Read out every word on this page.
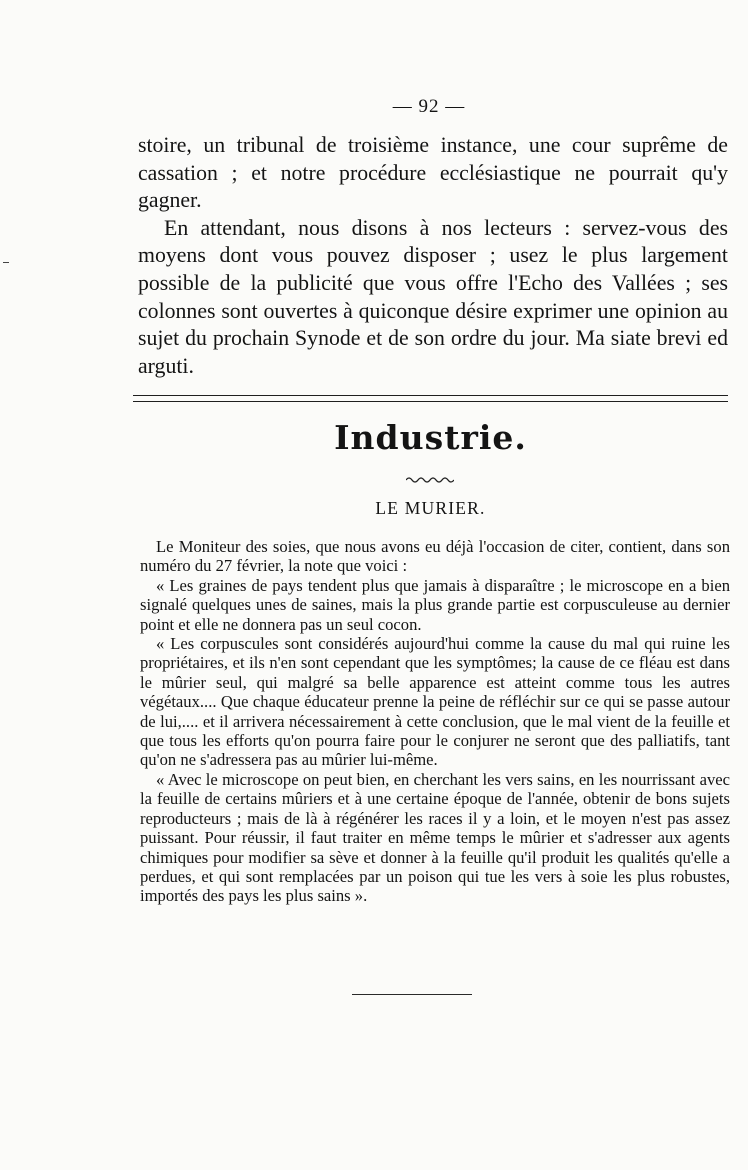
— 92 —

stoire, un tribunal de troisième instance, une cour suprême de cassation ; et notre procédure ecclésiastique ne pourrait qu'y gagner.

En attendant, nous disons à nos lecteurs : servez-vous des moyens dont vous pouvez disposer ; usez le plus largement possible de la publicité que vous offre l'Echo des Vallées ; ses colonnes sont ouvertes à quiconque désire exprimer une opinion au sujet du prochain Synode et de son ordre du jour. Ma siate brevi ed arguti.

Industrie.
LE MURIER.

Le Moniteur des soies, que nous avons eu déjà l'occasion de citer, contient, dans son numéro du 27 février, la note que voici :

« Les graines de pays tendent plus que jamais à disparaître ; le microscope en a bien signalé quelques unes de saines, mais la plus grande partie est corpusculeuse au dernier point et elle ne donnera pas un seul cocon.

« Les corpuscules sont considérés aujourd'hui comme la cause du mal qui ruine les propriétaires, et ils n'en sont cependant que les symptômes; la cause de ce fléau est dans le mûrier seul, qui malgré sa belle apparence est atteint comme tous les autres végétaux.... Que chaque éducateur prenne la peine de réfléchir sur ce qui se passe autour de lui,.... et il arrivera nécessairement à cette conclusion, que le mal vient de la feuille et que tous les efforts qu'on pourra faire pour le conjurer ne seront que des palliatifs, tant qu'on ne s'adressera pas au mûrier lui-même.

« Avec le microscope on peut bien, en cherchant les vers sains, en les nourrissant avec la feuille de certains mûriers et à une certaine époque de l'année, obtenir de bons sujets reproducteurs ; mais de là à régénérer les races il y a loin, et le moyen n'est pas assez puissant. Pour réussir, il faut traiter en même temps le mûrier et s'adresser aux agents chimiques pour modifier sa sève et donner à la feuille qu'il produit les qualités qu'elle a perdues, et qui sont remplacées par un poison qui tue les vers à soie les plus robustes, importés des pays les plus sains ».
